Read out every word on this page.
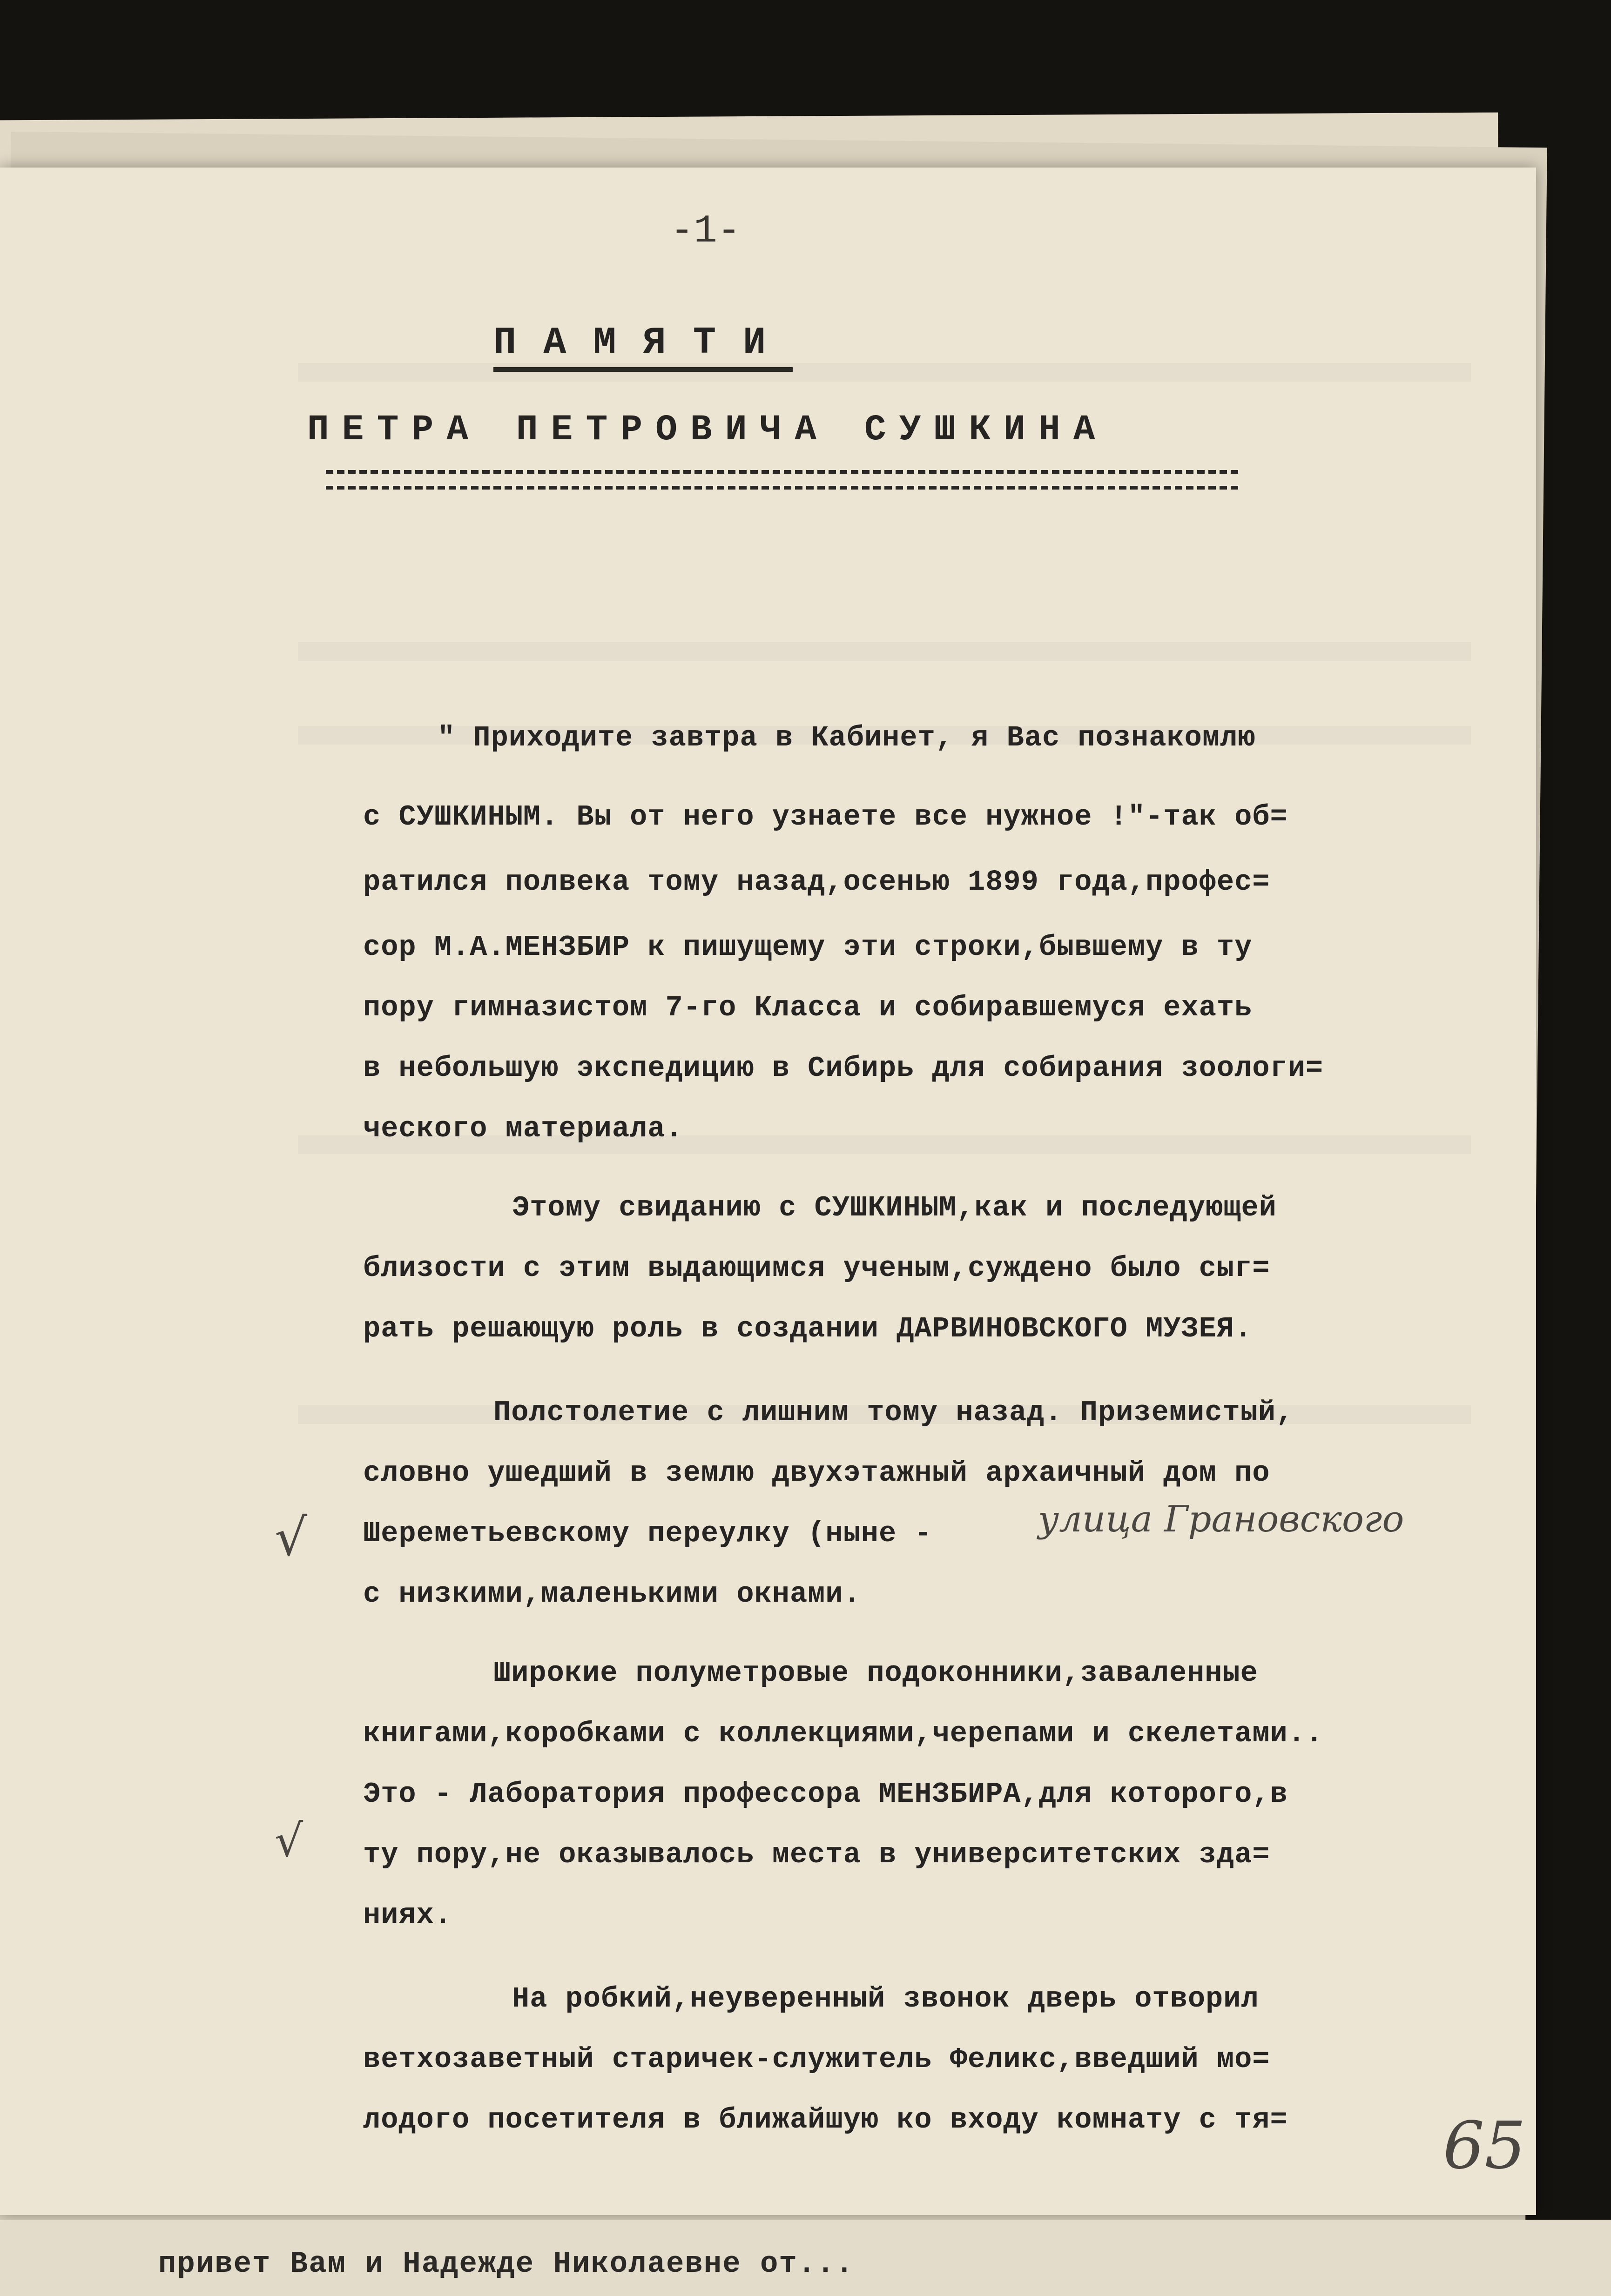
-1-
ПАМЯТИ
ПЕТРА ПЕТРОВИЧА СУШКИНА
" Приходите завтра в Кабинет, я Вас познакомлю
с СУШКИНЫМ. Вы от него узнаете все нужное !"-так об=
ратился полвека тому назад,осенью 1899 года,профес=
сор М.А.МЕНЗБИР к пишущему эти строки,бывшему в ту
пору гимназистом 7-го Класса и собиравшемуся ехать
в небольшую экспедицию в Сибирь для собирания зоологи=
ческого материала.
Этому свиданию с СУШКИНЫМ,как и последующей
близости с этим выдающимся ученым,суждено было сыг=
рать решающую роль в создании ДАРВИНОВСКОГО МУЗЕЯ.
Полстолетие с лишним тому назад. Приземистый,
словно ушедший в землю двухэтажный архаичный дом по
Шереметьевскому переулку (ныне -
с низкими,маленькими окнами.
Широкие полуметровые подоконники,заваленные
книгами,коробками с коллекциями,черепами и скелетами..
Это - Лаборатория профессора МЕНЗБИРА,для которого,в
ту пору,не оказывалось места в университетских зда=
ниях.
На робкий,неуверенный звонок дверь отворил
ветхозаветный старичек-служитель Феликс,введший мо=
лодого посетителя в ближайшую ко входу комнату с тя=
√
√
улица Грановского
65
привет Вам и Надежде Николаевне от...
